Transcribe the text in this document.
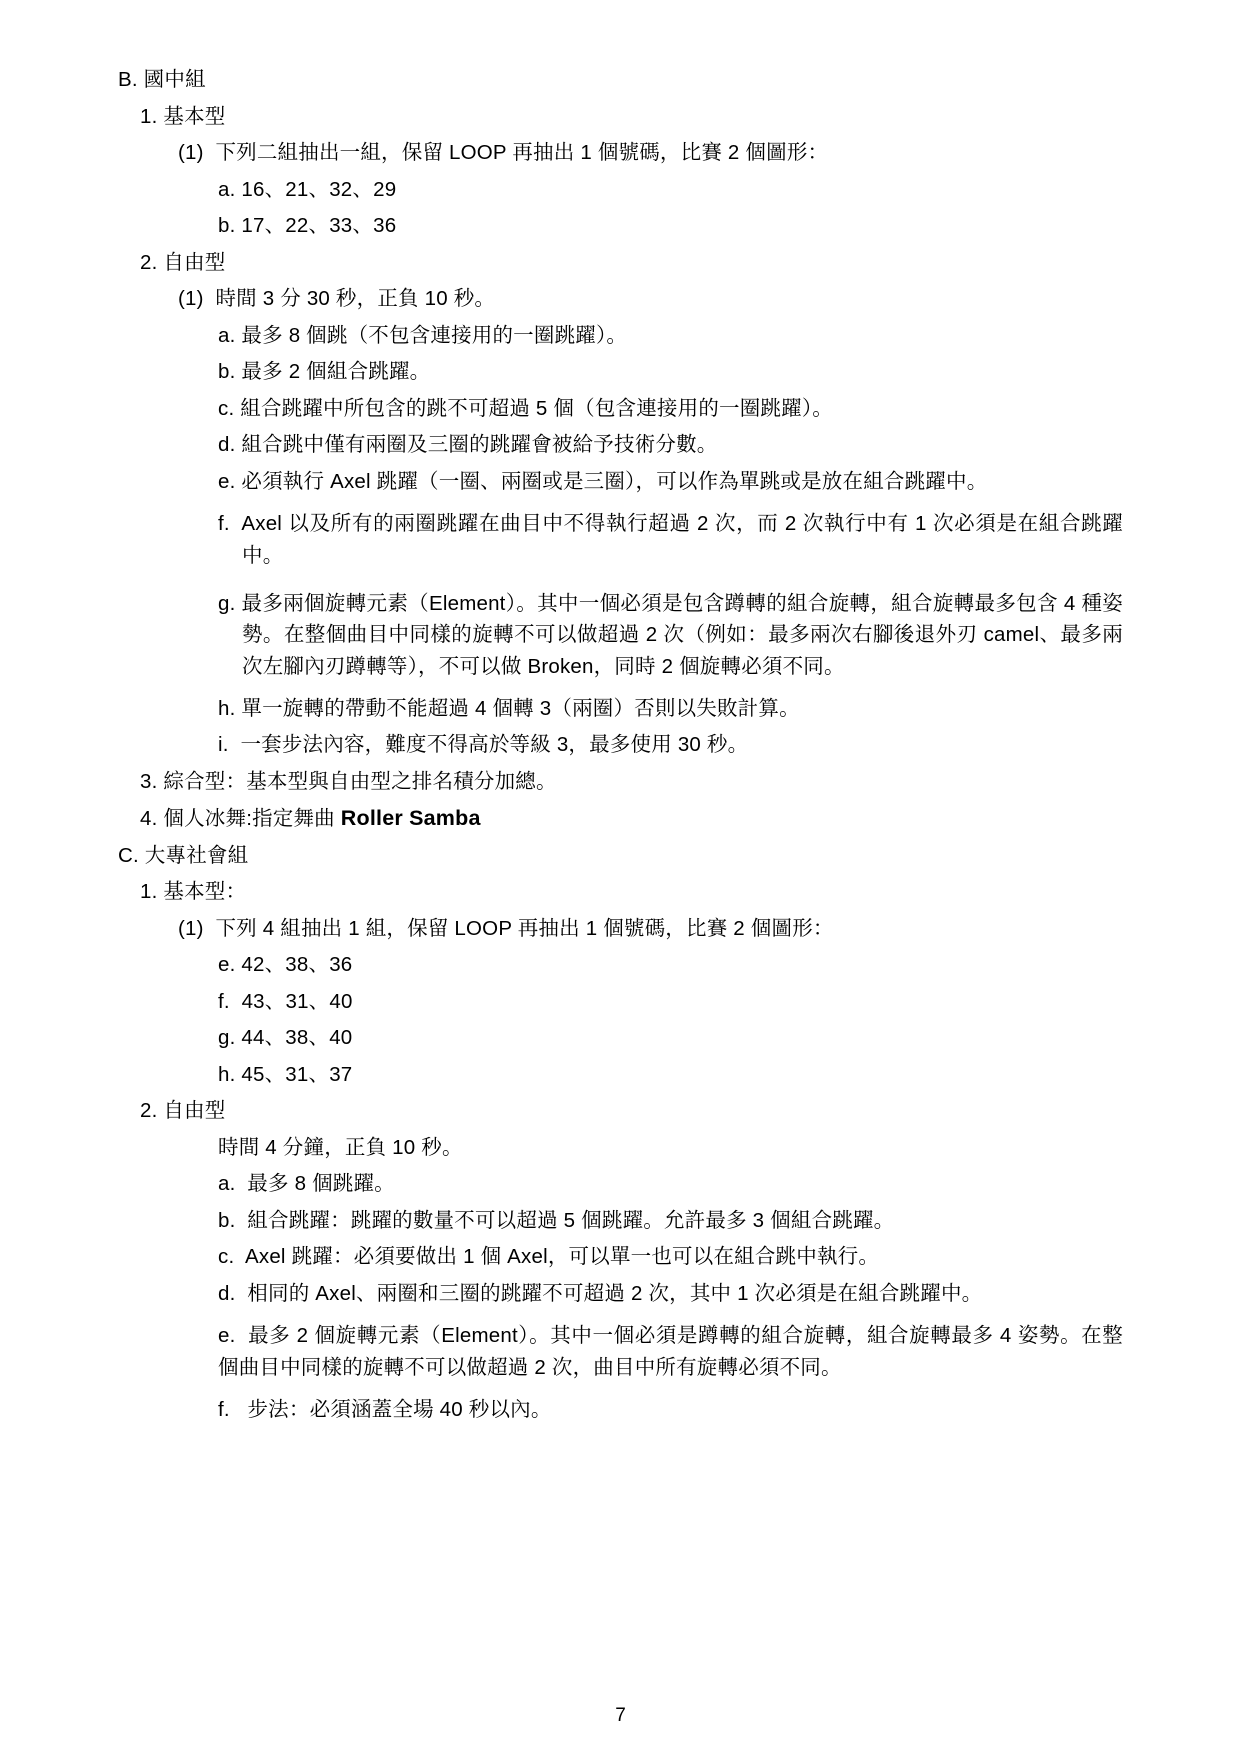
B. 國中組

1. 基本型

(1)  下列二組抽出一組，保留 LOOP 再抽出 1 個號碼，比賽 2 個圖形：

a. 16、21、32、29

b. 17、22、33、36

2. 自由型

(1)  時間 3 分 30 秒，正負 10 秒。

a. 最多 8 個跳（不包含連接用的一圈跳躍）。

b. 最多 2 個組合跳躍。

c. 組合跳躍中所包含的跳不可超過 5 個（包含連接用的一圈跳躍）。

d. 組合跳中僅有兩圈及三圈的跳躍會被給予技術分數。

e. 必須執行 Axel 跳躍（一圈、兩圈或是三圈），可以作為單跳或是放在組合跳躍中。

f.  Axel 以及所有的兩圈跳躍在曲目中不得執行超過 2 次，而 2 次執行中有 1 次必須是在組合跳躍中。

g. 最多兩個旋轉元素（Element）。其中一個必須是包含蹲轉的組合旋轉，組合旋轉最多包含 4 種姿勢。在整個曲目中同樣的旋轉不可以做超過 2 次（例如：最多兩次右腳後退外刃 camel、最多兩次左腳內刃蹲轉等），不可以做 Broken，同時 2 個旋轉必須不同。

h. 單一旋轉的帶動不能超過 4 個轉 3（兩圈）否則以失敗計算。

i.  一套步法內容，難度不得高於等級 3，最多使用 30 秒。

3. 綜合型：基本型與自由型之排名積分加總。

4. 個人冰舞:指定舞曲 Roller Samba

C. 大專社會組

1. 基本型：

(1)  下列 4 組抽出 1 組，保留 LOOP 再抽出 1 個號碼，比賽 2 個圖形：

e. 42、38、36

f.  43、31、40

g. 44、38、40

h. 45、31、37

2. 自由型

時間 4 分鐘，正負 10 秒。

a.  最多 8 個跳躍。

b.  組合跳躍：跳躍的數量不可以超過 5 個跳躍。允許最多 3 個組合跳躍。

c.  Axel 跳躍：必須要做出 1 個 Axel，可以單一也可以在組合跳中執行。

d.  相同的 Axel、兩圈和三圈的跳躍不可超過 2 次，其中 1 次必須是在組合跳躍中。

e.  最多 2 個旋轉元素（Element）。其中一個必須是蹲轉的組合旋轉，組合旋轉最多 4 姿勢。在整個曲目中同樣的旋轉不可以做超過 2 次，曲目中所有旋轉必須不同。

f.   步法：必須涵蓋全場 40 秒以內。

7
